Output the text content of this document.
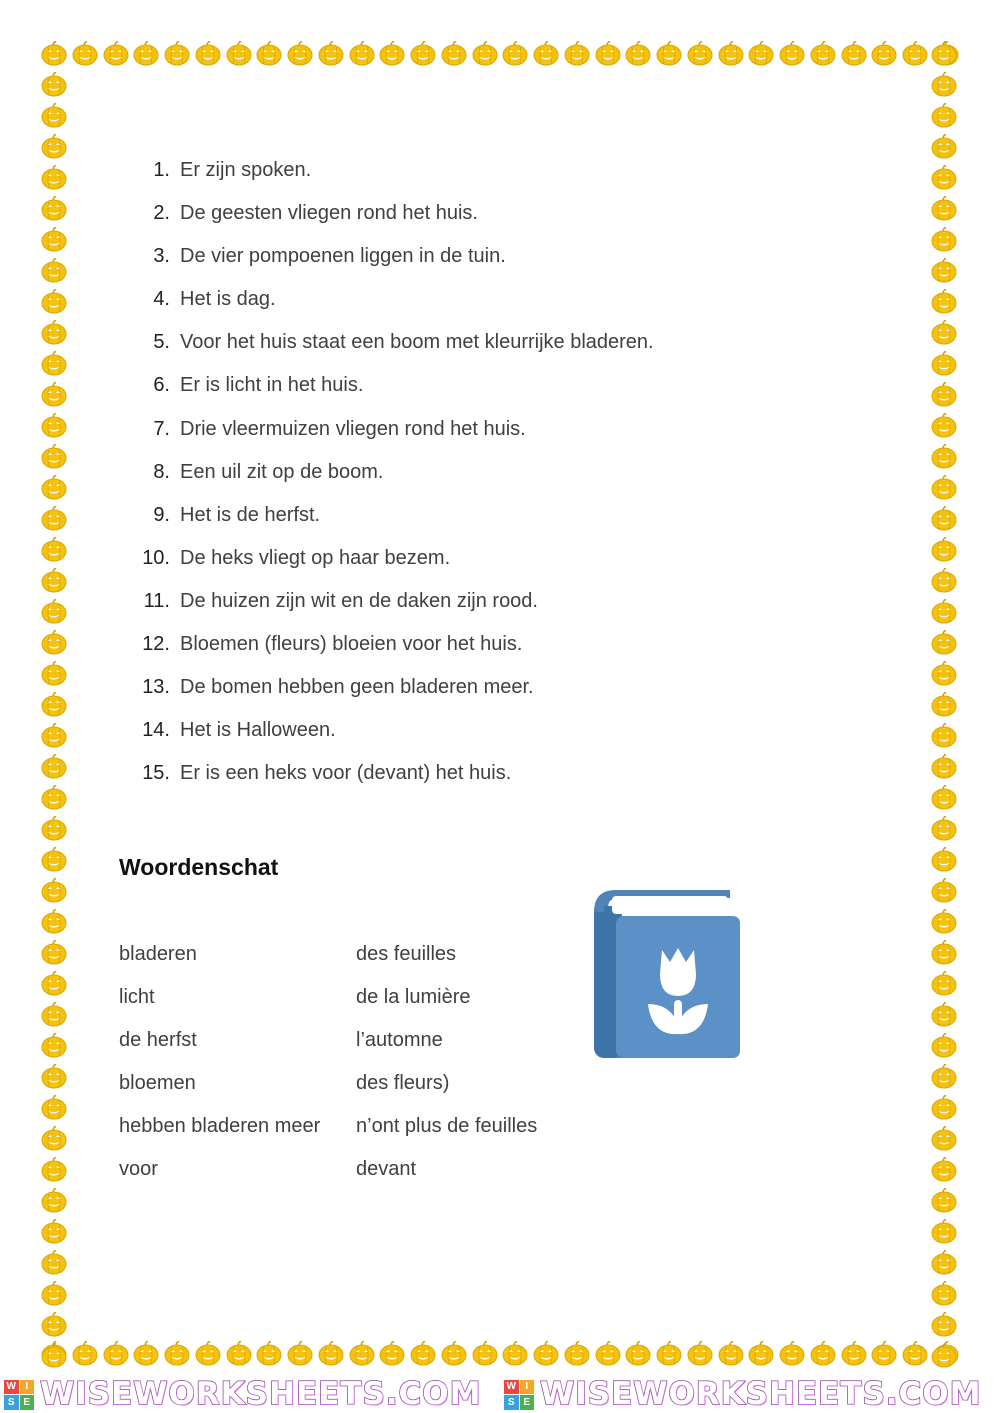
1. Er zijn spoken.
2. De geesten vliegen rond het huis.
3. De vier pompoenen liggen in de tuin.
4. Het is dag.
5. Voor het huis staat een boom met kleurrijke bladeren.
6. Er is licht in het huis.
7. Drie vleermuizen vliegen rond het huis.
8. Een uil zit op de boom.
9. Het is de herfst.
10. De heks vliegt op haar bezem.
11. De huizen zijn wit en de daken zijn rood.
12. Bloemen (fleurs) bloeien voor het huis.
13. De bomen hebben geen bladeren meer.
14. Het is Halloween.
15. Er is een heks voor (devant) het huis.
Woordenschat
bladeren	des feuilles
licht	de la lumière
de herfst	l’automne
bloemen	des fleurs)
hebben bladeren meer	n’ont plus de feuilles
voor	devant
W I
S E WISEWORKSHEETS.COM	W I
S E WISEWORKSHEETS.COM
